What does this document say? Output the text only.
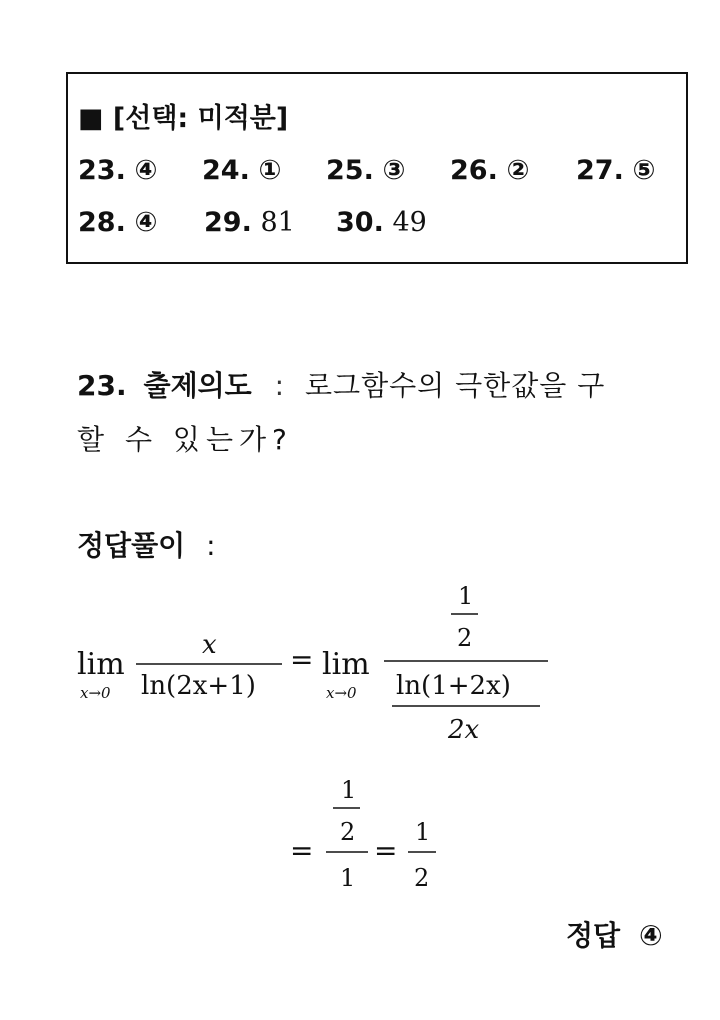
■ [선택: 미적분]
23. ④ 24. ① 25. ③ 26. ② 27. ⑤
28. ④ 29. 81 30. 49
23. 출제의도 : 로그함수의 극한값을 구
할 수 있는가?
정답풀이 :
lim
x→0
x
ln(2x+1)
= lim
x→0
1
2
ln(1+2x)
2x
=
1
2
1
=
1
2
정답 ④
